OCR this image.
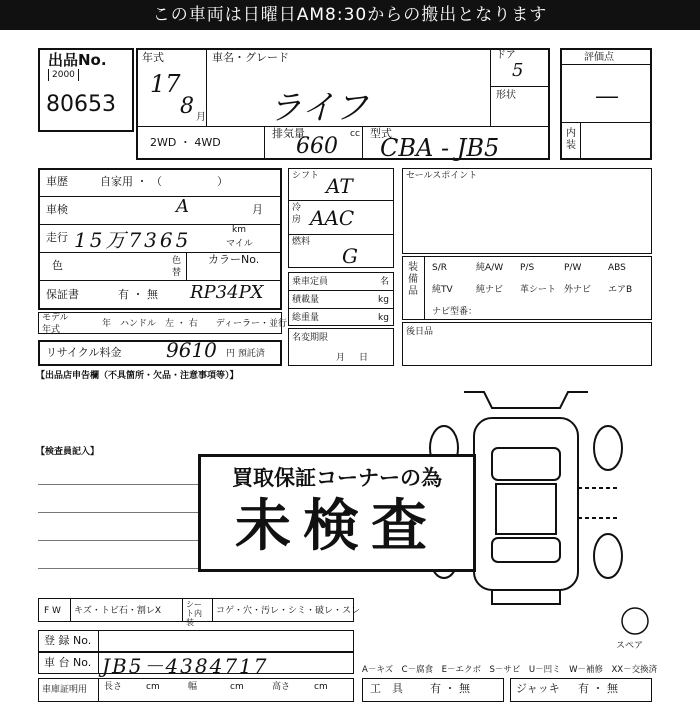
この車両は日曜日AM8:30からの搬出となります
出品No.
2000
80653
年式
17
8 月
車名・グレード
ライフ
ドア
5
形状
2WD ・ 4WD
排気量
660 cc 型式
CBA - JB5
評価点
―
内装
車歴	自家用 ・ （　　　　　）
車検	A	月
走行 15万7365	km
マイル
色	色替
カラーNo.
保証書	有 ・ 無 RP34PX
モデル年式
年　ハンドル　左 ・ 右　　ディーラー・並行
リサイクル料金 9610 円 預託済
シフト AT
冷房 AAC
燃料
G
乗車定員	名
積載量	kg
総重量	kg
名変期限
月日
セールスポイント
装備品
S/R	純A/W P/S	P/W	ABS
純TV	純ナビ 革シート 外ナビ エアB
ナビ型番：
後日品
【出品店申告欄（不具箇所・欠品・注意事項等）】
【検査員記入】
スペア
買取保証コーナーの為
未検査
F W キズ・トビ石・割レX
シート内装
コゲ・穴・汚レ・シミ・破レ・スレ
登 録 No.
車 台 No. JB5－4384717	A－キズ　C－腐食　E－エクボ　S－サビ　U－凹ミ　W－補修　XX－交換済
車庫証明用 長さ	cm	幅	cm	高さ	cm	工　具 有 ・ 無	ジャッキ 有 ・ 無
